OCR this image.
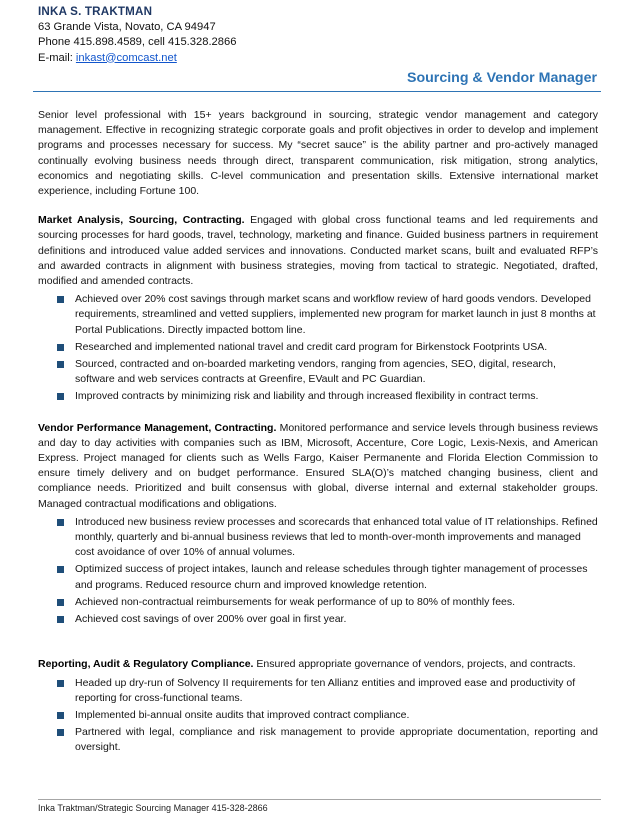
INKA S. TRAKTMAN
63 Grande Vista, Novato, CA 94947
Phone 415.898.4589, cell 415.328.2866
E-mail: inkast@comcast.net
Sourcing & Vendor Manager

Senior level professional with 15+ years background in sourcing, strategic vendor management and category management. Effective in recognizing strategic corporate goals and profit objectives in order to develop and implement programs and processes necessary for success. My “secret sauce” is the ability partner and pro-actively managed continually evolving business needs through direct, transparent communication, risk mitigation, strong analytics, economics and negotiating skills. C-level communication and presentation skills. Extensive international market experience, including Fortune 100.

Market Analysis, Sourcing, Contracting. Engaged with global cross functional teams and led requirements and sourcing processes for hard goods, travel, technology, marketing and finance. Guided business partners in requirement definitions and introduced value added services and innovations. Conducted market scans, built and evaluated RFP’s and awarded contracts in alignment with business strategies, moving from tactical to strategic. Negotiated, drafted, modified and amended contracts.

Achieved over 20% cost savings through market scans and workflow review of hard goods vendors. Developed requirements, streamlined and vetted suppliers, implemented new program for market launch in just 8 months at Portal Publications. Directly impacted bottom line.
Researched and implemented national travel and credit card program for Birkenstock Footprints USA.
Sourced, contracted and on-boarded marketing vendors, ranging from agencies, SEO, digital, research, software and web services contracts at Greenfire, EVault and PC Guardian.
Improved contracts by minimizing risk and liability and through increased flexibility in contract terms.

Vendor Performance Management, Contracting. Monitored performance and service levels through business reviews and day to day activities with companies such as IBM, Microsoft, Accenture, Core Logic, Lexis-Nexis, and American Express. Project managed for clients such as Wells Fargo, Kaiser Permanente and Florida Election Commission to ensure timely delivery and on budget performance. Ensured SLA(O)’s matched changing business, client and compliance needs. Prioritized and built consensus with global, diverse internal and external stakeholder groups. Managed contractual modifications and obligations.

Introduced new business review processes and scorecards that enhanced total value of IT relationships. Refined monthly, quarterly and bi-annual business reviews that led to month-over-month improvements and managed cost avoidance of over 10% of annual volumes.
Optimized success of project intakes, launch and release schedules through tighter management of processes and programs. Reduced resource churn and improved knowledge retention.
Achieved non-contractual reimbursements for weak performance of up to 80% of monthly fees.
Achieved cost savings of over 200% over goal in first year.

Reporting, Audit & Regulatory Compliance. Ensured appropriate governance of vendors, projects, and contracts.

Headed up dry-run of Solvency II requirements for ten Allianz entities and improved ease and productivity of reporting for cross-functional teams.
Implemented bi-annual onsite audits that improved contract compliance.
Partnered with legal, compliance and risk management to provide appropriate documentation, reporting and oversight.
Inka Traktman/Strategic Sourcing Manager 415-328-2866
